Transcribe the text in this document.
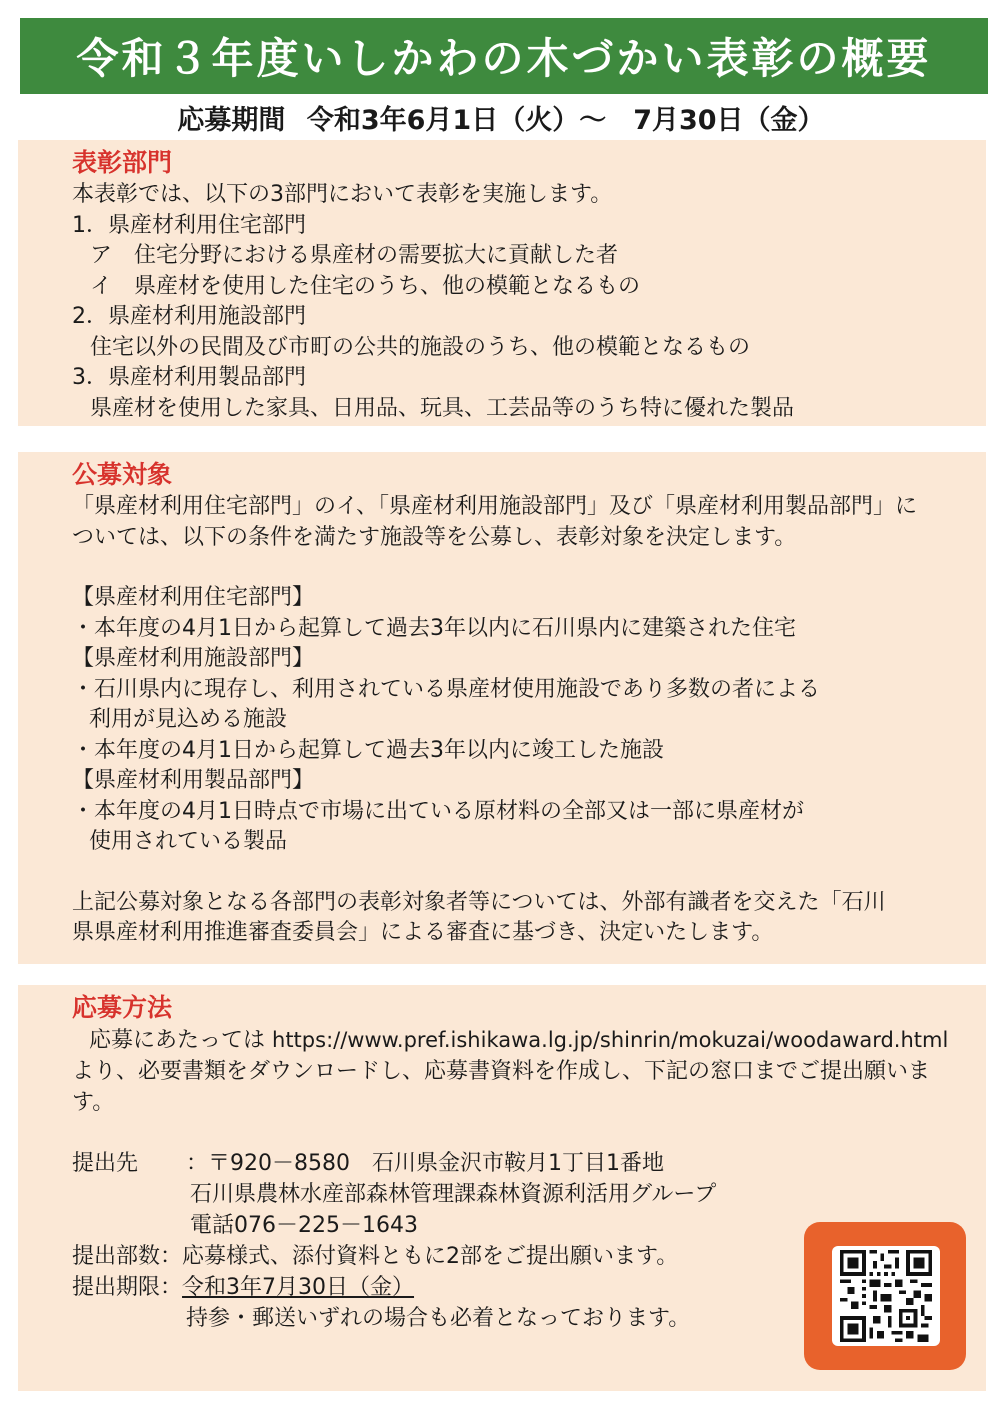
令和３年度いしかわの木づかい表彰の概要
応募期間 令和3年6月1日（火）～　7月30日（金）
表彰部門
本表彰では、以下の3部門において表彰を実施します。
1．県産材利用住宅部門
ア　住宅分野における県産材の需要拡大に貢献した者
イ　県産材を使用した住宅のうち、他の模範となるもの
2．県産材利用施設部門
住宅以外の民間及び市町の公共的施設のうち、他の模範となるもの
3．県産材利用製品部門
県産材を使用した家具、日用品、玩具、工芸品等のうち特に優れた製品
公募対象
「県産材利用住宅部門」のイ、「県産材利用施設部門」及び「県産材利用製品部門」に
ついては、以下の条件を満たす施設等を公募し、表彰対象を決定します。
【県産材利用住宅部門】
・本年度の4月1日から起算して過去3年以内に石川県内に建築された住宅
【県産材利用施設部門】
・石川県内に現存し、利用されている県産材使用施設であり多数の者による
利用が見込める施設
・本年度の4月1日から起算して過去3年以内に竣工した施設
【県産材利用製品部門】
・本年度の4月1日時点で市場に出ている原材料の全部又は一部に県産材が
使用されている製品
上記公募対象となる各部門の表彰対象者等については、外部有識者を交えた「石川
県県産材利用推進審査委員会」による審査に基づき、決定いたします。
応募方法
応募にあたっては https://www.pref.ishikawa.lg.jp/shinrin/mokuzai/woodaward.html
より、必要書類をダウンロードし、応募書資料を作成し、下記の窓口までご提出願いま
す。
提出先	：〒920－8580　石川県金沢市鞍月1丁目1番地
石川県農林水産部森林管理課森林資源利活用グループ
電話076－225－1643
提出部数 ：応募様式、添付資料ともに2部をご提出願います。
提出期限 ： 令和3年7月30日（金）
持参・郵送いずれの場合も必着となっております。
